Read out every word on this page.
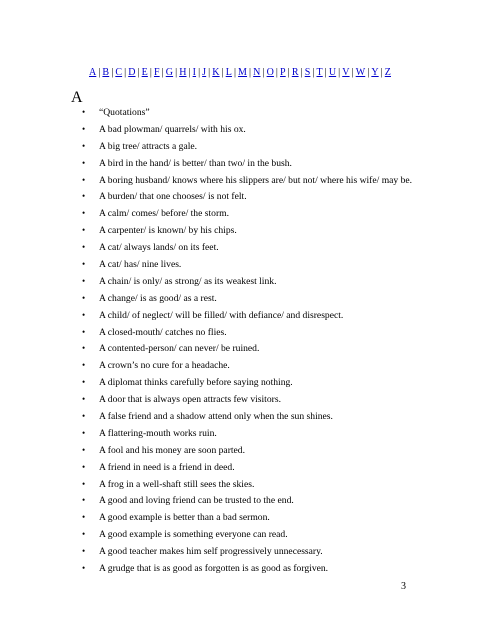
A | B | C | D | E | F | G | H | I | J | K | L | M | N | O | P | R | S | T | U | V | W | Y | Z
A
• “Quotations”
• A bad plowman/ quarrels/ with his ox.
• A big tree/ attracts a gale.
• A bird in the hand/ is better/ than two/ in the bush.
• A boring husband/ knows where his slippers are/ but not/ where his wife/ may be.
• A burden/ that one chooses/ is not felt.
• A calm/ comes/ before/ the storm.
• A carpenter/ is known/ by his chips.
• A cat/ always lands/ on its feet.
• A cat/ has/ nine lives.
• A chain/ is only/ as strong/ as its weakest link.
• A change/ is as good/ as a rest.
• A child/ of neglect/ will be filled/ with defiance/ and disrespect.
• A closed-mouth/ catches no flies.
• A contented-person/ can never/ be ruined.
• A crown’s no cure for a headache.
• A diplomat thinks carefully before saying nothing.
• A door that is always open attracts few visitors.
• A false friend and a shadow attend only when the sun shines.
• A flattering-mouth works ruin.
• A fool and his money are soon parted.
• A friend in need is a friend in deed.
• A frog in a well-shaft still sees the skies.
• A good and loving friend can be trusted to the end.
• A good example is better than a bad sermon.
• A good example is something everyone can read.
• A good teacher makes him self progressively unnecessary.
• A grudge that is as good as forgotten is as good as forgiven.
3
